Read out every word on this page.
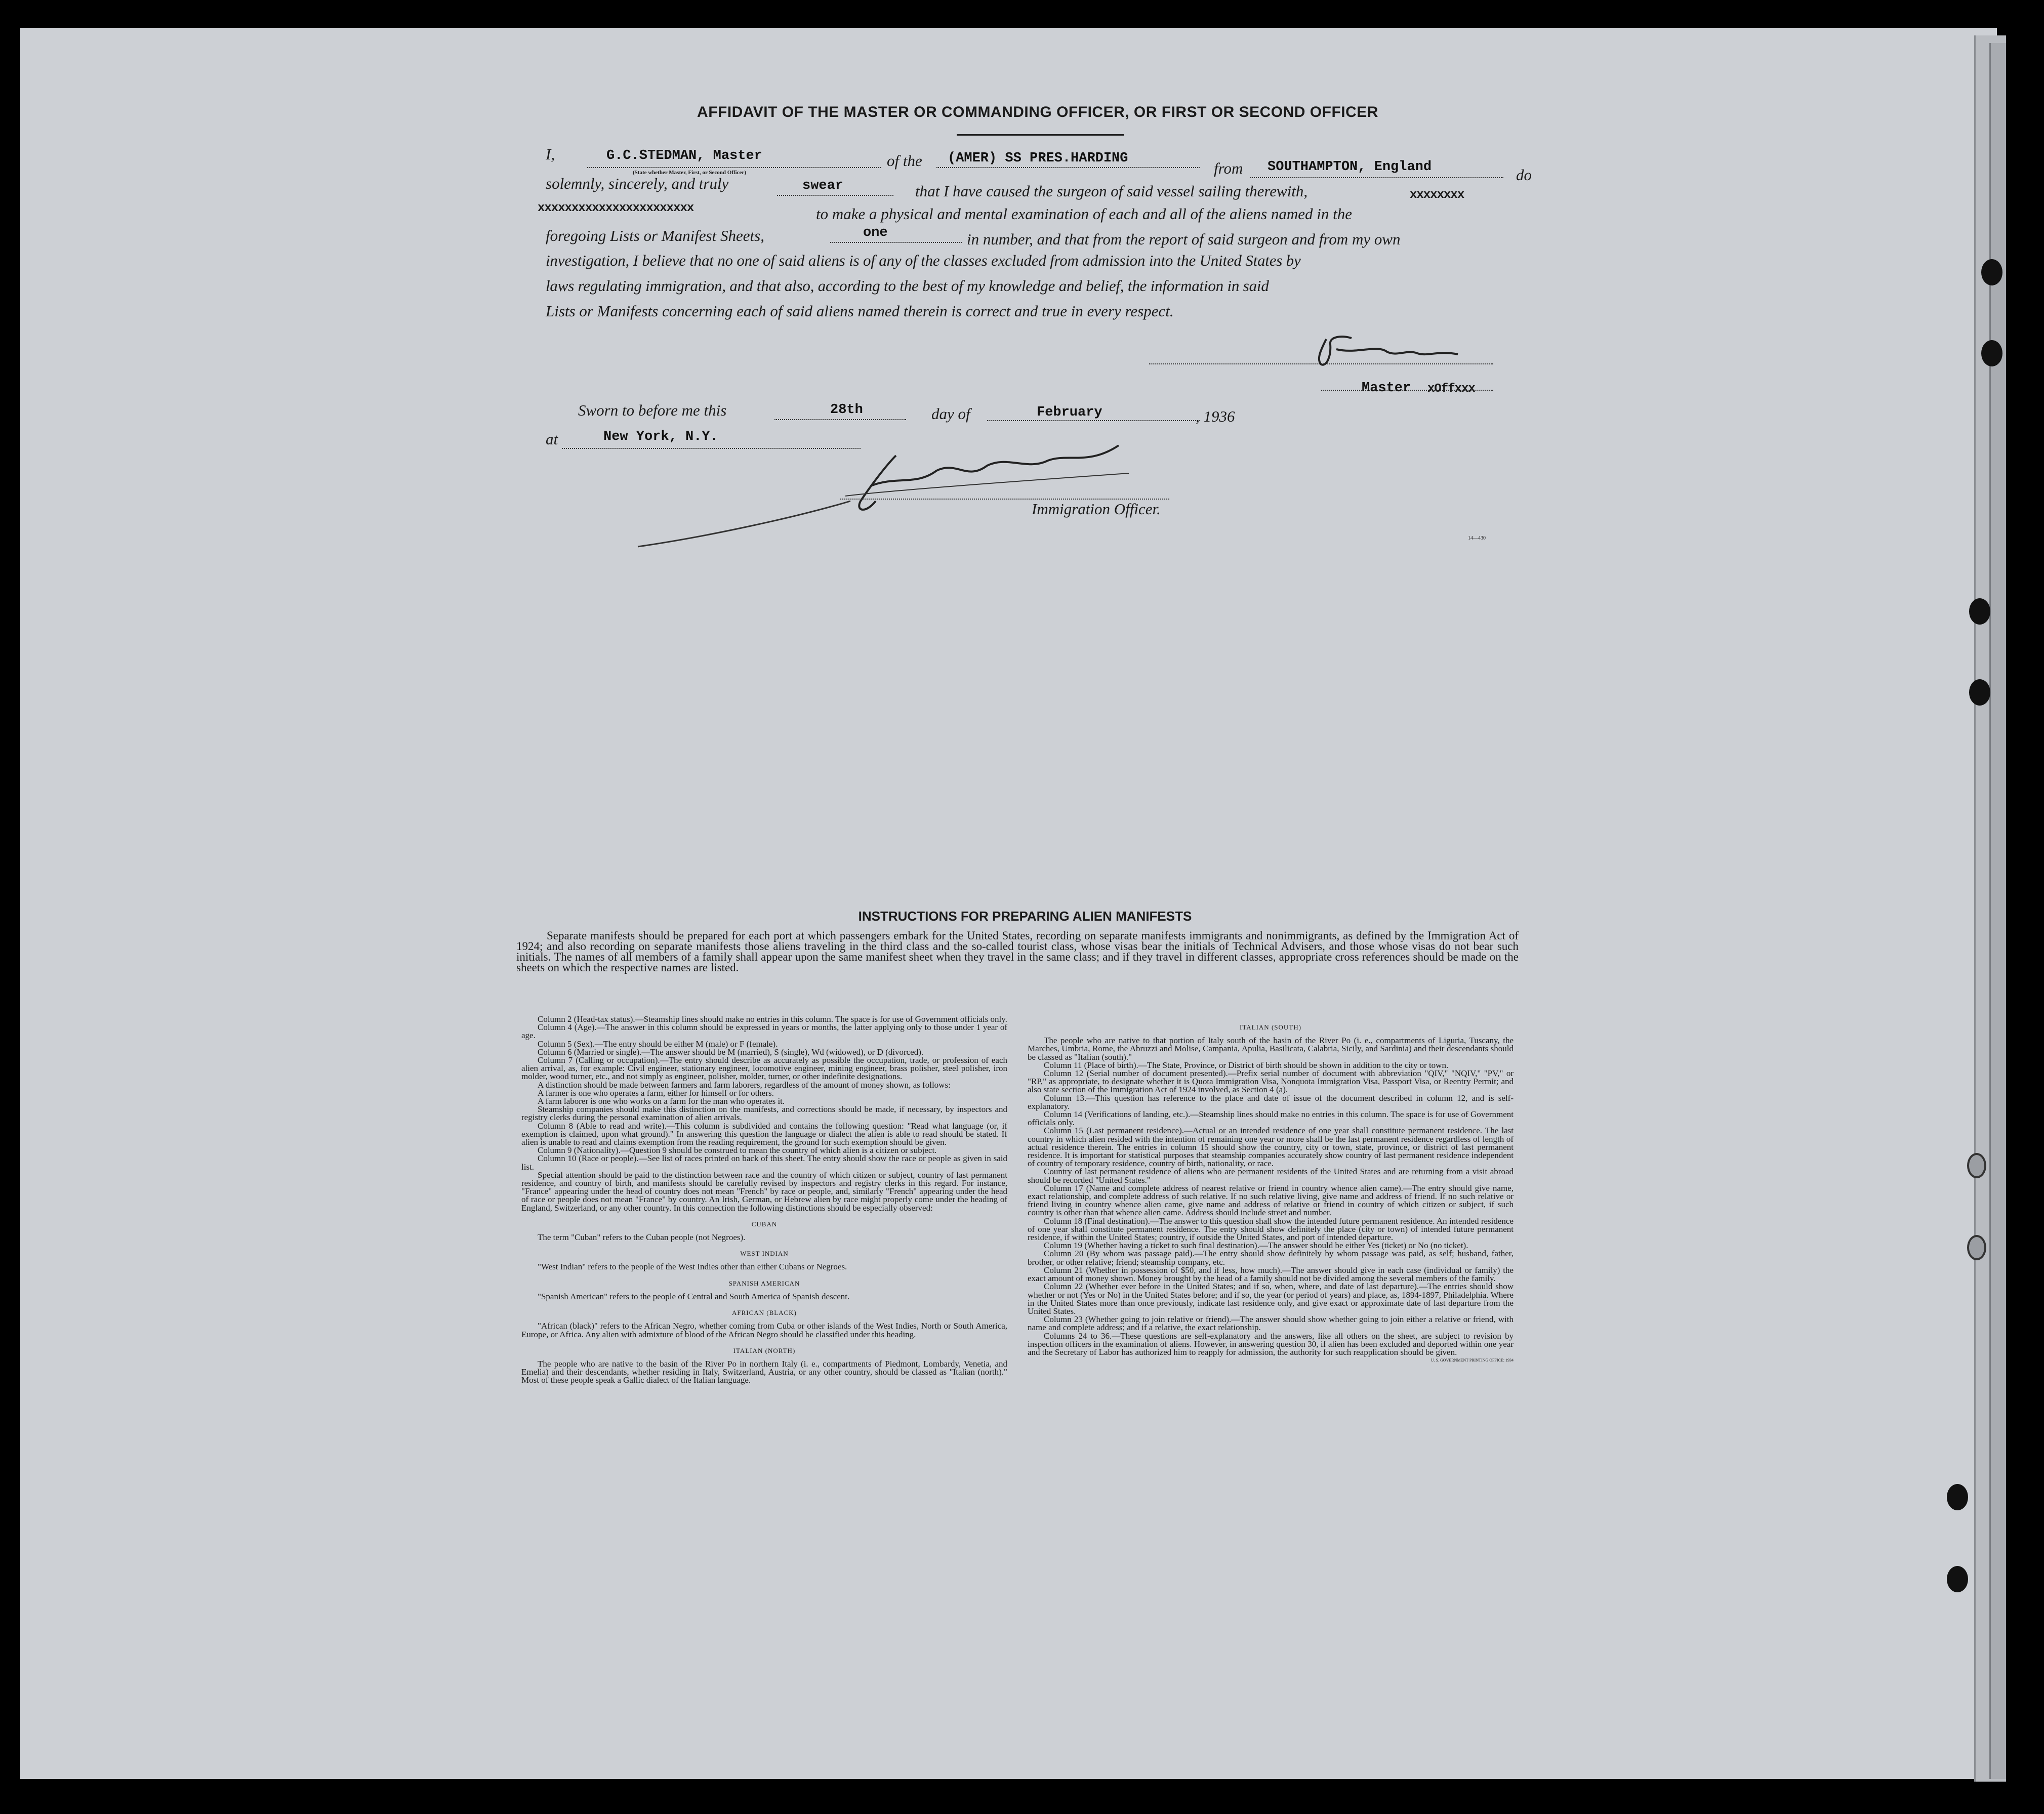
AFFIDAVIT OF THE MASTER OR COMMANDING OFFICER, OR FIRST OR SECOND OFFICER
I,	G.C.STEDMAN, Master
(State whether Master, First, or Second Officer)
of the (AMER) SS PRES.HARDING
from SOUTHAMPTON, England	do
solemnly, sincerely, and truly	swear	that I have caused the surgeon of said vessel sailing therewith,	xxxxxxxx
xxxxxxxxxxxxxxxxxxxxxxx	to make a physical and mental examination of each and all of the aliens named in the
foregoing Lists or Manifest Sheets,	one	in number, and that from the report of said surgeon and from my own
investigation, I believe that no one of said aliens is of any of the classes excluded from admission into the United States by
laws regulating immigration, and that also, according to the best of my knowledge and belief, the information in said
Lists or Manifests concerning each of said aliens named therein is correct and true in every respect.
Master xOffxxx
Sworn to before me this	28th	day of	February	, 1936
at	New York, N.Y.
Immigration Officer.
14—430
INSTRUCTIONS FOR PREPARING ALIEN MANIFESTS
Separate manifests should be prepared for each port at which passengers embark for the United States, recording on separate manifests immigrants and nonimmigrants, as defined by the Immigration Act of 1924; and also recording on separate manifests those aliens traveling in the third class and the so-called tourist class, whose visas bear the initials of Technical Advisers, and those whose visas do not bear such initials. The names of all members of a family shall appear upon the same manifest sheet when they travel in the same class; and if they travel in different classes, appropriate cross references should be made on the sheets on which the respective names are listed.

Column 2 (Head-tax status).—Steamship lines should make no entries in this column. The space is for use of Government officials only.

Column 4 (Age).—The answer in this column should be expressed in years or months, the latter applying only to those under 1 year of age.

Column 5 (Sex).—The entry should be either M (male) or F (female).

Column 6 (Married or single).—The answer should be M (married), S (single), Wd (widowed), or D (divorced).

Column 7 (Calling or occupation).—The entry should describe as accurately as possible the occupation, trade, or profession of each alien arrival, as, for example: Civil engineer, stationary engineer, locomotive engineer, mining engineer, brass polisher, steel polisher, iron molder, wood turner, etc., and not simply as engineer, polisher, molder, turner, or other indefinite designations.

A distinction should be made between farmers and farm laborers, regardless of the amount of money shown, as follows:

A farmer is one who operates a farm, either for himself or for others.

A farm laborer is one who works on a farm for the man who operates it.

Steamship companies should make this distinction on the manifests, and corrections should be made, if necessary, by inspectors and registry clerks during the personal examination of alien arrivals.

Column 8 (Able to read and write).—This column is subdivided and contains the following question: "Read what language (or, if exemption is claimed, upon what ground)." In answering this question the language or dialect the alien is able to read should be stated. If alien is unable to read and claims exemption from the reading requirement, the ground for such exemption should be given.

Column 9 (Nationality).—Question 9 should be construed to mean the country of which alien is a citizen or subject.

Column 10 (Race or people).—See list of races printed on back of this sheet. The entry should show the race or people as given in said list.

Special attention should be paid to the distinction between race and the country of which citizen or subject, country of last permanent residence, and country of birth, and manifests should be carefully revised by inspectors and registry clerks in this regard. For instance, "France" appearing under the head of country does not mean "French" by race or people, and, similarly "French" appearing under the head of race or people does not mean "France" by country. An Irish, German, or Hebrew alien by race might properly come under the heading of England, Switzerland, or any other country. In this connection the following distinctions should be especially observed:

CUBAN

The term "Cuban" refers to the Cuban people (not Negroes).

WEST INDIAN

"West Indian" refers to the people of the West Indies other than either Cubans or Negroes.

SPANISH AMERICAN

"Spanish American" refers to the people of Central and South America of Spanish descent.

AFRICAN (BLACK)

"African (black)" refers to the African Negro, whether coming from Cuba or other islands of the West Indies, North or South America, Europe, or Africa. Any alien with admixture of blood of the African Negro should be classified under this heading.

ITALIAN (NORTH)

The people who are native to the basin of the River Po in northern Italy (i. e., compartments of Piedmont, Lombardy, Venetia, and Emelia) and their descendants, whether residing in Italy, Switzerland, Austria, or any other country, should be classed as "Italian (north)." Most of these people speak a Gallic dialect of the Italian language.

ITALIAN (SOUTH)

The people who are native to that portion of Italy south of the basin of the River Po (i. e., compartments of Liguria, Tuscany, the Marches, Umbria, Rome, the Abruzzi and Molise, Campania, Apulia, Basilicata, Calabria, Sicily, and Sardinia) and their descendants should be classed as "Italian (south)."

Column 11 (Place of birth).—The State, Province, or District of birth should be shown in addition to the city or town.

Column 12 (Serial number of document presented).—Prefix serial number of document with abbreviation "QIV," "NQIV," "PV," or "RP," as appropriate, to designate whether it is Quota Immigration Visa, Nonquota Immigration Visa, Passport Visa, or Reentry Permit; and also state section of the Immigration Act of 1924 involved, as Section 4 (a).

Column 13.—This question has reference to the place and date of issue of the document described in column 12, and is self-explanatory.

Column 14 (Verifications of landing, etc.).—Steamship lines should make no entries in this column. The space is for use of Government officials only.

Column 15 (Last permanent residence).—Actual or an intended residence of one year shall constitute permanent residence. The last country in which alien resided with the intention of remaining one year or more shall be the last permanent residence regardless of length of actual residence therein. The entries in column 15 should show the country, city or town, state, province, or district of last permanent residence. It is important for statistical purposes that steamship companies accurately show country of last permanent residence independent of country of temporary residence, country of birth, nationality, or race.

Country of last permanent residence of aliens who are permanent residents of the United States and are returning from a visit abroad should be recorded "United States."

Column 17 (Name and complete address of nearest relative or friend in country whence alien came).—The entry should give name, exact relationship, and complete address of such relative. If no such relative living, give name and address of friend. If no such relative or friend living in country whence alien came, give name and address of relative or friend in country of which citizen or subject, if such country is other than that whence alien came. Address should include street and number.

Column 18 (Final destination).—The answer to this question shall show the intended future permanent residence. An intended residence of one year shall constitute permanent residence. The entry should show definitely the place (city or town) of intended future permanent residence, if within the United States; country, if outside the United States, and port of intended departure.

Column 19 (Whether having a ticket to such final destination).—The answer should be either Yes (ticket) or No (no ticket).

Column 20 (By whom was passage paid).—The entry should show definitely by whom passage was paid, as self; husband, father, brother, or other relative; friend; steamship company, etc.

Column 21 (Whether in possession of $50, and if less, how much).—The answer should give in each case (individual or family) the exact amount of money shown. Money brought by the head of a family should not be divided among the several members of the family.

Column 22 (Whether ever before in the United States; and if so, when, where, and date of last departure).—The entries should show whether or not (Yes or No) in the United States before; and if so, the year (or period of years) and place, as, 1894-1897, Philadelphia. Where in the United States more than once previously, indicate last residence only, and give exact or approximate date of last departure from the United States.

Column 23 (Whether going to join relative or friend).—The answer should show whether going to join either a relative or friend, with name and complete address; and if a relative, the exact relationship.

Columns 24 to 36.—These questions are self-explanatory and the answers, like all others on the sheet, are subject to revision by inspection officers in the examination of aliens. However, in answering question 30, if alien has been excluded and deported within one year and the Secretary of Labor has authorized him to reapply for admission, the authority for such reapplication should be given.

U. S. GOVERNMENT PRINTING OFFICE: 1934
